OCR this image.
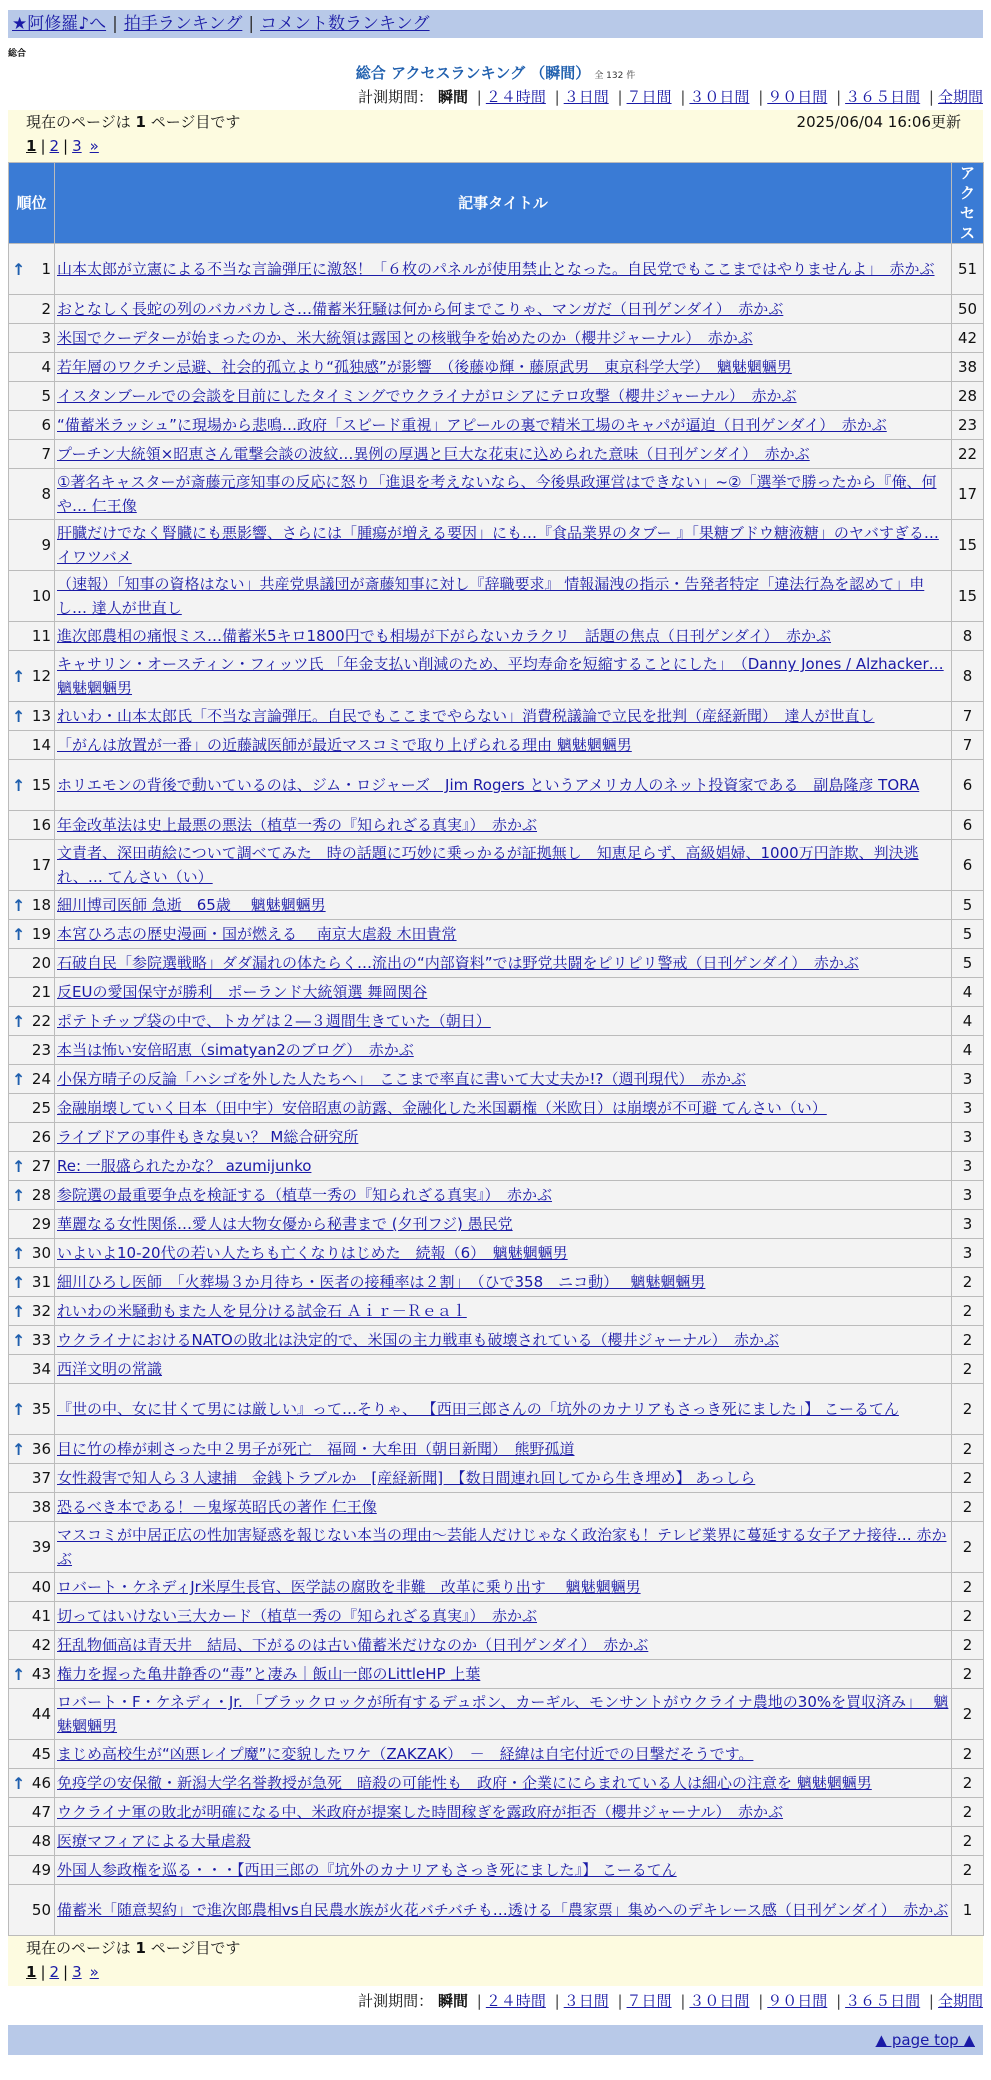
★阿修羅♪へ | 拍手ランキング | コメント数ランキング
総合
総合 アクセスランキング （瞬間） 全 132 件
計測期間： 瞬間 | ２４時間 | ３日間 | ７日間 | ３０日間 | ９０日間 | ３６５日間 | 全期間
現在のページは 1 ページ目です	2025/06/04 16:06更新
1 | 2 | 3 »
順位	記事タイトル	アクセス

↑ 1	山本太郎が立憲による不当な言論弾圧に激怒！「６枚のパネルが使用禁止となった。自民党でもここまではやりませんよ」　赤かぶ	51
2	おとなしく長蛇の列のバカバカしさ…備蓄米狂騒は何から何までこりゃ、マンガだ（日刊ゲンダイ）　赤かぶ	50
3	米国でクーデターが始まったのか、米大統領は露国との核戦争を始めたのか（櫻井ジャーナル）　赤かぶ	42
4	若年層のワクチン忌避、社会的孤立より“孤独感”が影響　（後藤ゆ輝・藤原武男　東京科学大学）　魑魅魍魎男	38
5	イスタンブールでの会談を目前にしたタイミングでウクライナがロシアにテロ攻撃（櫻井ジャーナル）　赤かぶ	28
6	“備蓄米ラッシュ”に現場から悲鳴…政府「スピード重視」アピールの裏で精米工場のキャパが逼迫（日刊ゲンダイ）　赤かぶ	23
7	プーチン大統領×昭恵さん電撃会談の波紋…異例の厚遇と巨大な花束に込められた意味（日刊ゲンダイ）　赤かぶ	22
8	①著名キャスターが斎藤元彦知事の反応に怒り「進退を考えないなら、今後県政運営はできない」~②「選挙で勝ったから『俺、何や… 仁王像	17
9	肝臓だけでなく腎臓にも悪影響、さらには「腫瘍が増える要因」にも…『食品業界のタブー 』「果糖ブドウ糖液糖」のヤバすぎる… イワツバメ	15
10	（速報）「知事の資格はない」共産党県議団が斎藤知事に対し『辞職要求』 情報漏洩の指示・告発者特定「違法行為を認めて」申し… 達人が世直し	15
11	進次郎農相の痛恨ミス…備蓄米5キロ1800円でも相場が下がらないカラクリ　話題の焦点（日刊ゲンダイ）　赤かぶ	8

↑ 12	キャサリン・オースティン・フィッツ氏 「年金支払い削減のため、平均寿命を短縮することにした」　（Danny Jones / Alzhacker… 魑魅魍魎男	8

↑ 13	れいわ・山本太郎氏「不当な言論弾圧。自民でもここまでやらない」消費税議論で立民を批判（産経新聞）　達人が世直し	7
14	「がんは放置が一番」の近藤誠医師が最近マスコミで取り上げられる理由 魑魅魍魎男	7

↑ 15	ホリエモンの背後で動いているのは、ジム・ロジャーズ　Jim Rogers というアメリカ人のネット投資家である　副島隆彦 TORA	6
16	年金改革法は史上最悪の悪法（植草一秀の『知られざる真実』）　赤かぶ	6
17	文責者、深田萌絵について調べてみた　時の話題に巧妙に乗っかるが証拠無し　知恵足らず、高級娼婦、1000万円詐欺、判決逃れ、… てんさい（い）	6

↑ 18	細川博司医師 急逝　65歳　 魑魅魍魎男	5

↑ 19	本宮ひろ志の歴史漫画・国が燃える　 南京大虐殺 木田貴常	5
20	石破自民「参院選戦略」ダダ漏れの体たらく…流出の“内部資料”では野党共闘をピリピリ警戒（日刊ゲンダイ）　赤かぶ	5
21	反EUの愛国保守が勝利　ポーランド大統領選 舞岡関谷	4

↑ 22	ポテトチップ袋の中で、トカゲは２―３週間生きていた（朝日）	4
23	本当は怖い安倍昭恵（simatyan2のブログ）　赤かぶ	4

↑ 24	小保方晴子の反論「ハシゴを外した人たちへ」　ここまで率直に書いて大丈夫か!?（週刊現代）　赤かぶ	3
25	金融崩壊していく日本（田中宇）安倍昭恵の訪露、金融化した米国覇権（米欧日）は崩壊が不可避 てんさい（い）	3
26	ライブドアの事件もきな臭い？ M総合研究所	3

↑ 27	Re: 一服盛られたかな？ azumijunko	3

↑ 28	参院選の最重要争点を検証する（植草一秀の『知られざる真実』）　赤かぶ	3
29	華麗なる女性関係…愛人は大物女優から秘書まで (夕刊フジ) 愚民党	3

↑ 30	いよいよ10-20代の若い人たちも亡くなりはじめた　続報（6）　魑魅魍魎男	3

↑ 31	細川ひろし医師　「火葬場３か月待ち・医者の接種率は２割」　（ひで358　ニコ動）　 魑魅魍魎男	2

↑ 32	れいわの米騒動もまた人を見分ける試金石 Ａｉｒ－Ｒｅａｌ	2

↑ 33	ウクライナにおけるNATOの敗北は決定的で、米国の主力戦車も破壊されている（櫻井ジャーナル）　赤かぶ	2
34	西洋文明の常識	2

↑ 35	『世の中、女に甘くて男には厳しい』って…そりゃ、 【西田三郎さんの「坑外のカナリアもさっき死にました」】 こーるてん	2

↑ 36	目に竹の棒が刺さった中２男子が死亡　福岡・大牟田（朝日新聞）　熊野孤道	2
37	女性殺害で知人ら３人逮捕　金銭トラブルか　[産経新聞]　【数日間連れ回してから生き埋め】 あっしら	2
38	恐るべき本である！－鬼塚英昭氏の著作 仁王像	2
39	マスコミが中居正広の性加害疑惑を報じない本当の理由～芸能人だけじゃなく政治家も！テレビ業界に蔓延する女子アナ接待… 赤かぶ	2
40	ロバート・ケネディJr米厚生長官、医学誌の腐敗を非難　改革に乗り出す　 魑魅魍魎男	2
41	切ってはいけない三大カード（植草一秀の『知られざる真実』）　赤かぶ	2
42	狂乱物価高は青天井　結局、下がるのは古い備蓄米だけなのか（日刊ゲンダイ）　赤かぶ	2

↑ 43	権力を握った亀井静香の“毒”と凄み｜飯山一郎のLittleHP 上葉	2
44	ロバート・F・ケネディ・Jr. 「ブラックロックが所有するデュポン、カーギル、モンサントがウクライナ農地の30%を買収済み」　 魑魅魍魎男	2
45	まじめ高校生が“凶悪レイプ魔”に変貌したワケ（ZAKZAK）　－　経緯は自宅付近での目撃だそうです。	2

↑ 46	免疫学の安保徹・新潟大学名誉教授が急死　暗殺の可能性も　政府・企業ににらまれている人は細心の注意を 魑魅魍魎男	2
47	ウクライナ軍の敗北が明確になる中、米政府が提案した時間稼ぎを露政府が拒否（櫻井ジャーナル）　赤かぶ	2
48	医療マフィアによる大量虐殺	2
49	外国人参政権を巡る・・・【西田三郎の『坑外のカナリアもさっき死にました』】 こーるてん	2
50	備蓄米「随意契約」で進次郎農相vs自民農水族が火花バチバチも…透ける「農家票」集めへのデキレース感（日刊ゲンダイ）　赤かぶ	1
現在のページは 1 ページ目です
1 | 2 | 3 »
計測期間： 瞬間 | ２４時間 | ３日間 | ７日間 | ３０日間 | ９０日間 | ３６５日間 | 全期間
▲ page top ▲
